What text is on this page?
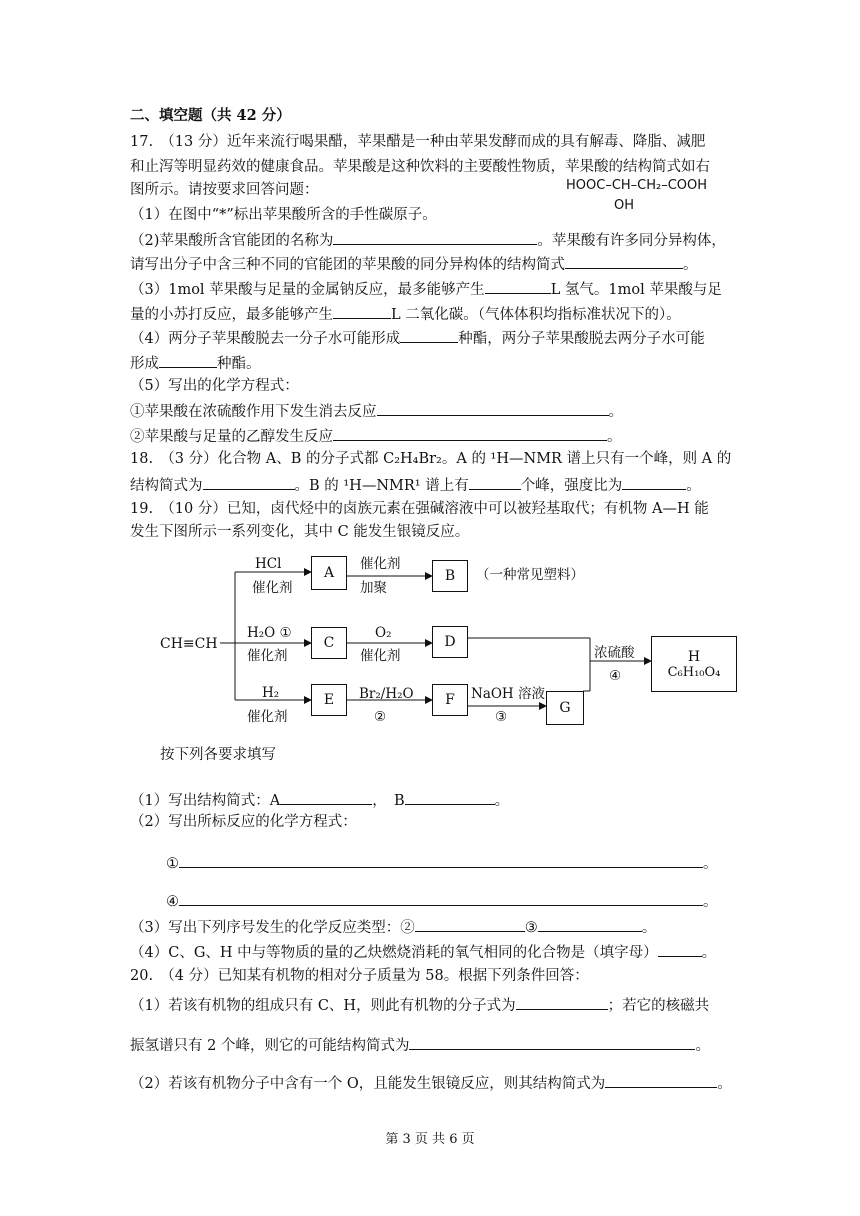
二、填空题（共 42 分）
17.　（13 分）近年来流行喝果醋，苹果醋是一种由苹果发酵而成的具有解毒、降脂、减肥
和止泻等明显药效的健康食品。苹果酸是这种饮料的主要酸性物质，苹果酸的结构简式如右
图所示。请按要求回答问题：	HOOC–CH–CH₂–COOH
OH
（1）在图中“*”标出苹果酸所含的手性碳原子。
（2)苹果酸所含官能团的名称为	。苹果酸有许多同分异构体，
请写出分子中含三种不同的官能团的苹果酸的同分异构体的结构简式	。
（3）1mol 苹果酸与足量的金属钠反应，最多能够产生	L 氢气。1mol 苹果酸与足
量的小苏打反应，最多能够产生	L 二氧化碳。（气体体积均指标准状况下的）。
（4）两分子苹果酸脱去一分子水可能形成	种酯，两分子苹果酸脱去两分子水可能
形成	种酯。
（5）写出的化学方程式：
①苹果酸在浓硫酸作用下发生消去反应	。
②苹果酸与足量的乙醇发生反应	。
18.　（3 分）化合物 A、B 的分子式都 C₂H₄Br₂。A 的 ¹H—NMR 谱上只有一个峰，则 A 的
结构简式为	。B 的 ¹H—NMR¹ 谱上有	个峰，强度比为	。
19.　（10 分）已知，卤代烃中的卤族元素在强碱溶液中可以被羟基取代；有机物 A—H 能
发生下图所示一系列变化，其中 C 能发生银镜反应。
CH≡CH
HCl
催化剂
A
催化剂
加聚
B	（一种常见塑料）
H₂O ①
催化剂
C
O₂
催化剂
D
H₂
催化剂
E	Br₂/H₂O
②
F	NaOH 溶液
③
G
浓硫酸
④
H
C₆H₁₀O₄
按下列各要求填写
（1）写出结构简式：A	，　B	。
（2）写出所标反应的化学方程式：
①	。
④	。
（3）写出下列序号发生的化学反应类型：②	③	。
（4）C、G、H 中与等物质的量的乙炔燃烧消耗的氧气相同的化合物是（填字母）	。
20.　（4 分）已知某有机物的相对分子质量为 58。根据下列条件回答：
（1）若该有机物的组成只有 C、H，则此有机物的分子式为	；若它的核磁共
振氢谱只有 2 个峰，则它的可能结构简式为	。
（2）若该有机物分子中含有一个 O，且能发生银镜反应，则其结构简式为	。
第 3 页 共 6 页
